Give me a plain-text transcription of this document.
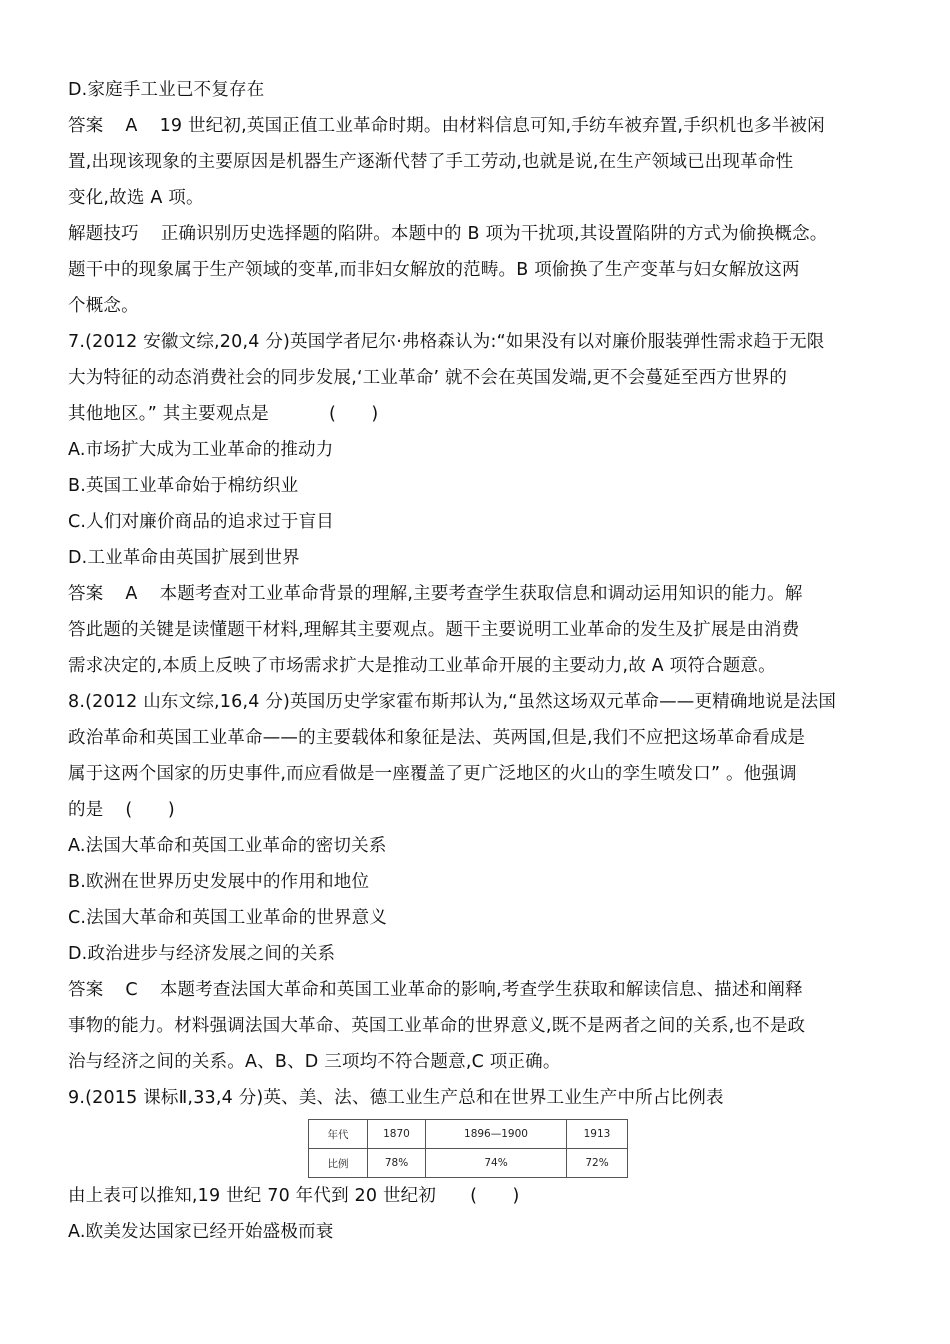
D.家庭手工业已不复存在
答案 A 19 世纪初,英国正值工业革命时期。由材料信息可知,手纺车被弃置,手织机也多半被闲
置,出现该现象的主要原因是机器生产逐渐代替了手工劳动,也就是说,在生产领域已出现革命性
变化,故选 A 项。
解题技巧 正确识别历史选择题的陷阱。本题中的 B 项为干扰项,其设置陷阱的方式为偷换概念。
题干中的现象属于生产领域的变革,而非妇女解放的范畴。B 项偷换了生产变革与妇女解放这两
个概念。
7.(2012 安徽文综,20,4 分)英国学者尼尔·弗格森认为:“如果没有以对廉价服装弹性需求趋于无限
大为特征的动态消费社会的同步发展,‘工业革命’ 就不会在英国发端,更不会蔓延至西方世界的
其他地区。” 其主要观点是	(　　)
A.市场扩大成为工业革命的推动力
B.英国工业革命始于棉纺织业
C.人们对廉价商品的追求过于盲目
D.工业革命由英国扩展到世界
答案 A 本题考查对工业革命背景的理解,主要考查学生获取信息和调动运用知识的能力。解
答此题的关键是读懂题干材料,理解其主要观点。题干主要说明工业革命的发生及扩展是由消费
需求决定的,本质上反映了市场需求扩大是推动工业革命开展的主要动力,故 A 项符合题意。
8.(2012 山东文综,16,4 分)英国历史学家霍布斯邦认为,“虽然这场双元革命——更精确地说是法国
政治革命和英国工业革命——的主要载体和象征是法、英两国,但是,我们不应把这场革命看成是
属于这两个国家的历史事件,而应看做是一座覆盖了更广泛地区的火山的孪生喷发口” 。他强调
的是 (　　)
A.法国大革命和英国工业革命的密切关系
B.欧洲在世界历史发展中的作用和地位
C.法国大革命和英国工业革命的世界意义
D.政治进步与经济发展之间的关系
答案 C 本题考查法国大革命和英国工业革命的影响,考查学生获取和解读信息、描述和阐释
事物的能力。材料强调法国大革命、英国工业革命的世界意义,既不是两者之间的关系,也不是政
治与经济之间的关系。A、B、D 三项均不符合题意,C 项正确。
9.(2015 课标Ⅱ,33,4 分)英、美、法、德工业生产总和在世界工业生产中所占比例表
年代	1870	1896—1900	1913
比例	78%	74%	72%
由上表可以推知,19 世纪 70 年代到 20 世纪初 (　　)
A.欧美发达国家已经开始盛极而衰
